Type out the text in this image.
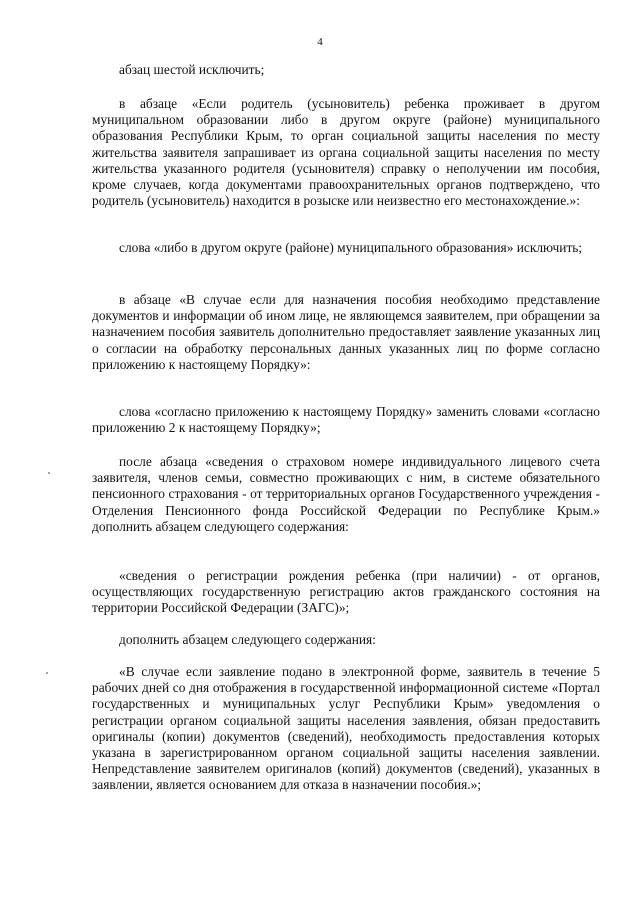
4

абзац шестой исключить;

в абзаце «Если родитель (усыновитель) ребенка проживает в другом муниципальном образовании либо в другом округе (районе) муниципального образования Республики Крым, то орган социальной защиты населения по месту жительства заявителя запрашивает из органа социальной защиты населения по месту жительства указанного родителя (усыновителя) справку о неполучении им пособия, кроме случаев, когда документами правоохранительных органов подтверждено, что родитель (усыновитель) находится в розыске или неизвестно его местонахождение.»:

слова «либо в другом округе (районе) муниципального образования» исключить;

в абзаце «В случае если для назначения пособия необходимо представление документов и информации об ином лице, не являющемся заявителем, при обращении за назначением пособия заявитель дополнительно предоставляет заявление указанных лиц о согласии на обработку персональных данных указанных лиц по форме согласно приложению к настоящему Порядку»:

слова «согласно приложению к настоящему Порядку» заменить словами «согласно приложению 2 к настоящему Порядку»;

после абзаца «сведения о страховом номере индивидуального лицевого счета заявителя, членов семьи, совместно проживающих с ним, в системе обязательного пенсионного страхования - от территориальных органов Государственного учреждения - Отделения Пенсионного фонда Российской Федерации по Республике Крым.» дополнить абзацем следующего содержания:

«сведения о регистрации рождения ребенка (при наличии) - от органов, осуществляющих государственную регистрацию актов гражданского состояния на территории Российской Федерации (ЗАГС)»;

дополнить абзацем следующего содержания:

«В случае если заявление подано в электронной форме, заявитель в течение 5 рабочих дней со дня отображения в государственной информационной системе «Портал государственных и муниципальных услуг Республики Крым» уведомления о регистрации органом социальной защиты населения заявления, обязан предоставить оригиналы (копии) документов (сведений), необходимость предоставления которых указана в зарегистрированном органом социальной защиты населения заявлении. Непредставление заявителем оригиналов (копий) документов (сведений), указанных в заявлении, является основанием для отказа в назначении пособия.»;
